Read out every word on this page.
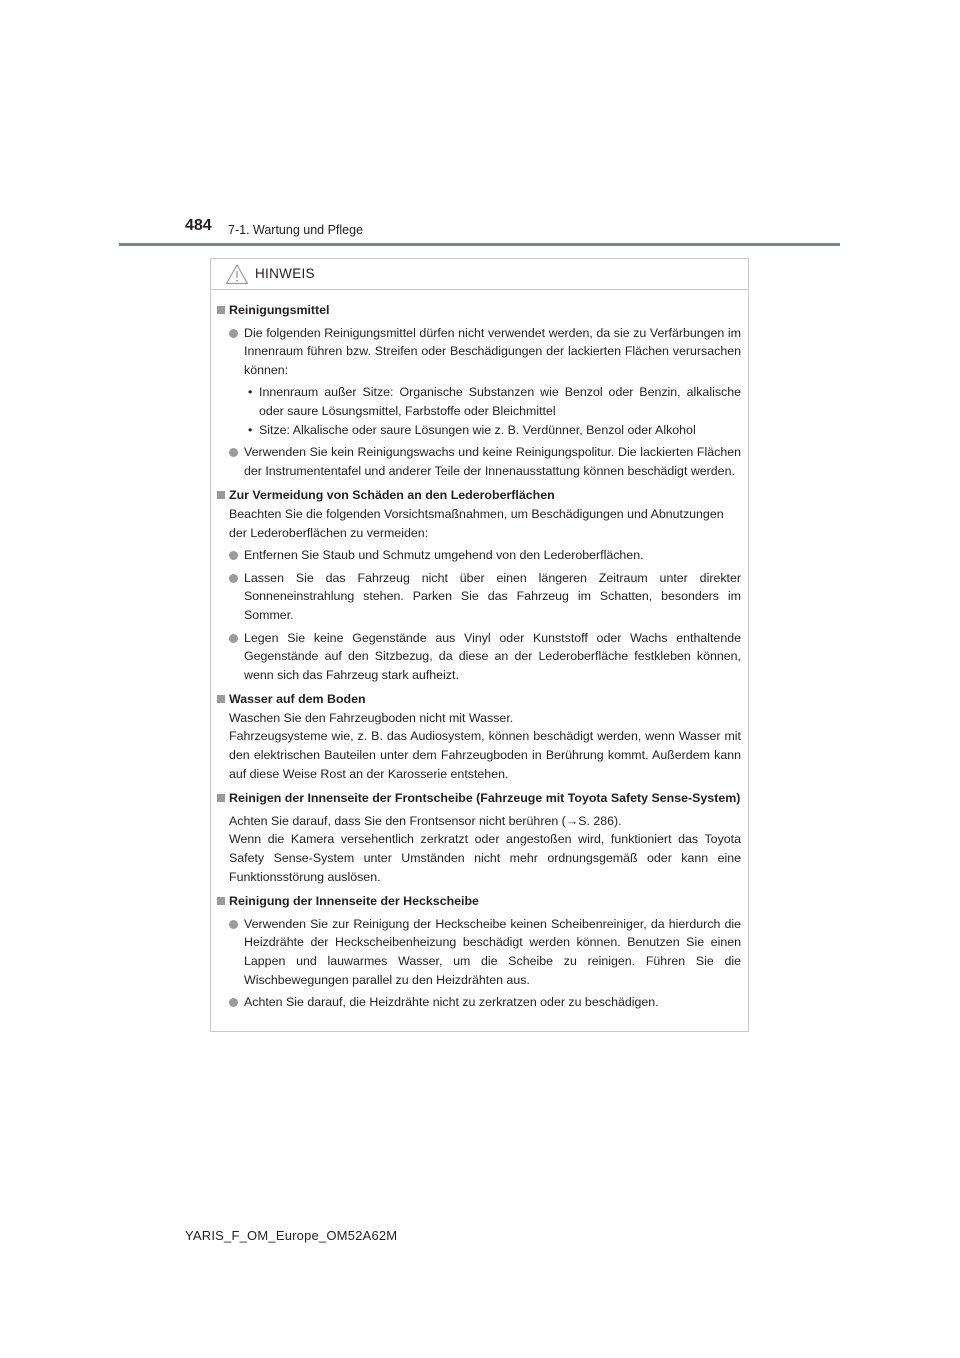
484 7-1. Wartung und Pflege
HINWEIS
Reinigungsmittel
Die folgenden Reinigungsmittel dürfen nicht verwendet werden, da sie zu Verfärbungen im Innenraum führen bzw. Streifen oder Beschädigungen der lackierten Flächen verursachen können:
• Innenraum außer Sitze: Organische Substanzen wie Benzol oder Benzin, alkalische oder saure Lösungsmittel, Farbstoffe oder Bleichmittel
• Sitze: Alkalische oder saure Lösungen wie z. B. Verdünner, Benzol oder Alkohol
Verwenden Sie kein Reinigungswachs und keine Reinigungspolitur. Die lackierten Flächen der Instrumententafel und anderer Teile der Innenausstattung können beschädigt werden.
Zur Vermeidung von Schäden an den Lederoberflächen
Beachten Sie die folgenden Vorsichtsmaßnahmen, um Beschädigungen und Abnutzungen der Lederoberflächen zu vermeiden:
Entfernen Sie Staub und Schmutz umgehend von den Lederoberflächen.
Lassen Sie das Fahrzeug nicht über einen längeren Zeitraum unter direkter Sonneneinstrahlung stehen. Parken Sie das Fahrzeug im Schatten, besonders im Sommer.
Legen Sie keine Gegenstände aus Vinyl oder Kunststoff oder Wachs enthaltende Gegenstände auf den Sitzbezug, da diese an der Lederoberfläche festkleben können, wenn sich das Fahrzeug stark aufheizt.
Wasser auf dem Boden
Waschen Sie den Fahrzeugboden nicht mit Wasser.
Fahrzeugsysteme wie, z. B. das Audiosystem, können beschädigt werden, wenn Wasser mit den elektrischen Bauteilen unter dem Fahrzeugboden in Berührung kommt. Außerdem kann auf diese Weise Rost an der Karosserie entstehen.
Reinigen der Innenseite der Frontscheibe (Fahrzeuge mit Toyota Safety Sense-System)
Achten Sie darauf, dass Sie den Frontsensor nicht berühren (→S. 286).
Wenn die Kamera versehentlich zerkratzt oder angestoßen wird, funktioniert das Toyota Safety Sense-System unter Umständen nicht mehr ordnungsgemäß oder kann eine Funktionsstörung auslösen.
Reinigung der Innenseite der Heckscheibe
Verwenden Sie zur Reinigung der Heckscheibe keinen Scheibenreiniger, da hierdurch die Heizdrähte der Heckscheibenheizung beschädigt werden können. Benutzen Sie einen Lappen und lauwarmes Wasser, um die Scheibe zu reinigen. Führen Sie die Wischbewegungen parallel zu den Heizdrähten aus.
Achten Sie darauf, die Heizdrähte nicht zu zerkratzen oder zu beschädigen.
YARIS_F_OM_Europe_OM52A62M
